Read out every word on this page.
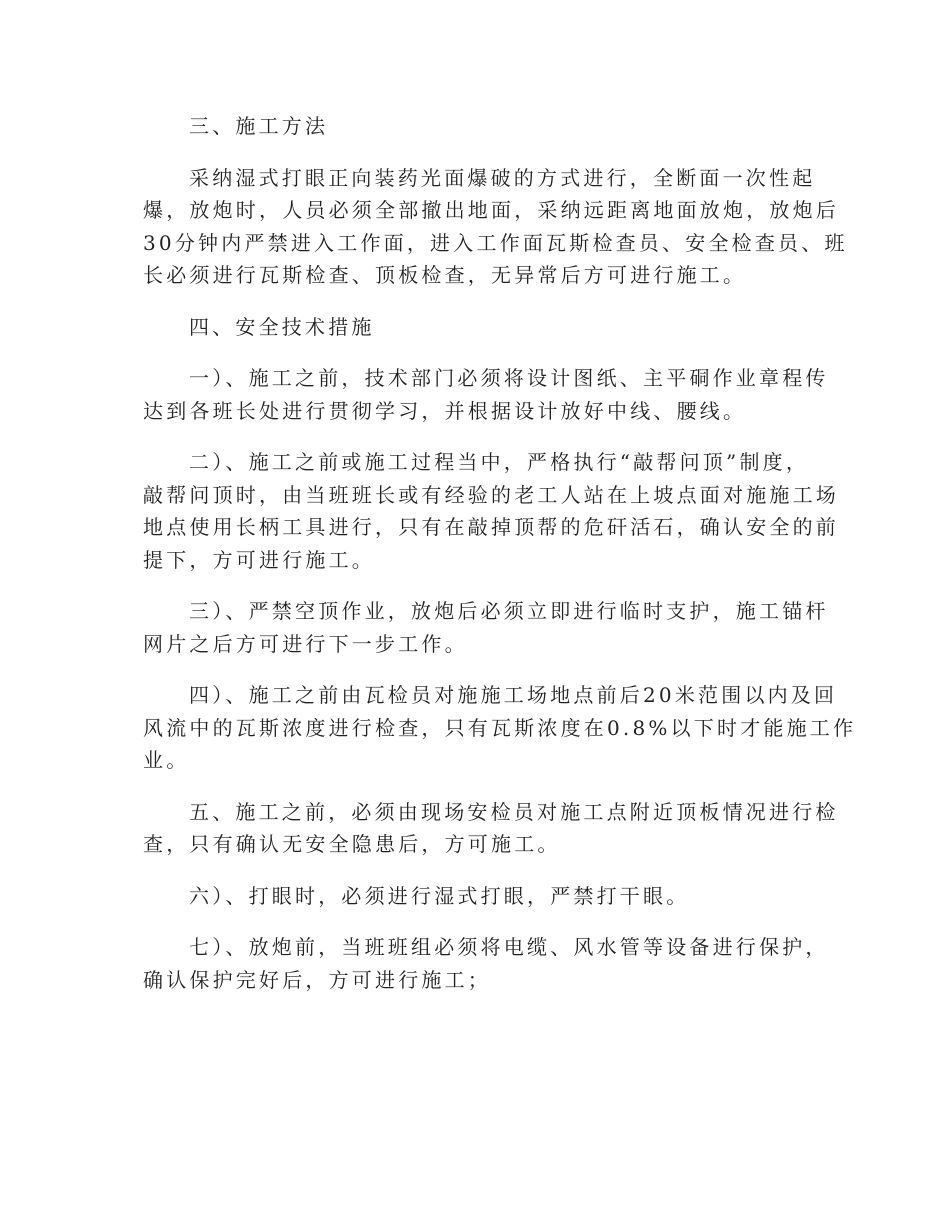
三、施工方法

采纳湿式打眼正向装药光面爆破的方式进行，全断面一次性起
爆，放炮时，人员必须全部撤出地面，采纳远距离地面放炮，放炮后
30分钟内严禁进入工作面，进入工作面瓦斯检查员、安全检查员、班
长必须进行瓦斯检查、顶板检查，无异常后方可进行施工。

四、安全技术措施

一）、施工之前，技术部门必须将设计图纸、主平硐作业章程传
达到各班长处进行贯彻学习，并根据设计放好中线、腰线。

二）、施工之前或施工过程当中，严格执行“敲帮问顶”制度，
敲帮问顶时，由当班班长或有经验的老工人站在上坡点面对施施工场
地点使用长柄工具进行，只有在敲掉顶帮的危矸活石，确认安全的前
提下，方可进行施工。

三）、严禁空顶作业，放炮后必须立即进行临时支护，施工锚杆
网片之后方可进行下一步工作。

四）、施工之前由瓦检员对施施工场地点前后20米范围以内及回
风流中的瓦斯浓度进行检查，只有瓦斯浓度在0.8%以下时才能施工作
业。

五、施工之前，必须由现场安检员对施工点附近顶板情况进行检
查，只有确认无安全隐患后，方可施工。

六）、打眼时，必须进行湿式打眼，严禁打干眼。

七）、放炮前，当班班组必须将电缆、风水管等设备进行保护，
确认保护完好后，方可进行施工；
